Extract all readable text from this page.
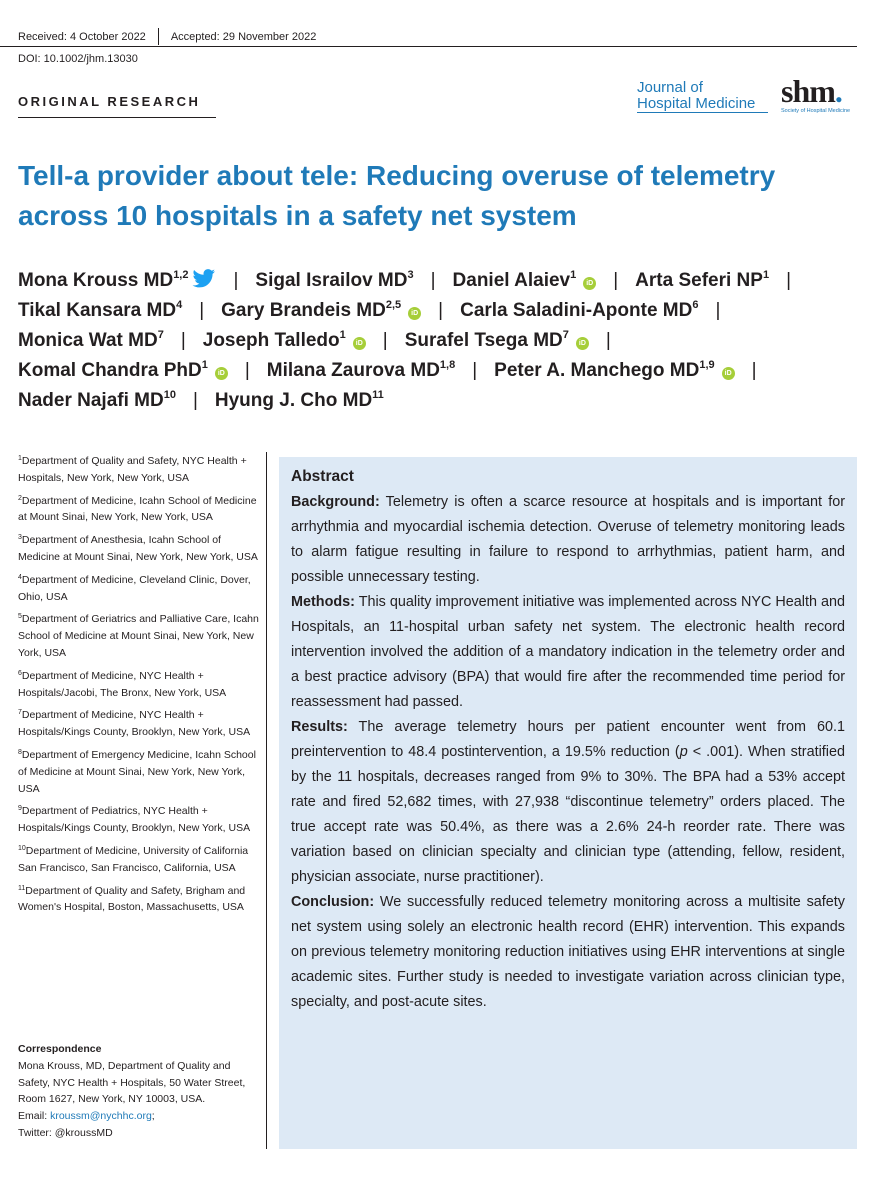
Received: 4 October 2022 Accepted: 29 November 2022
DOI: 10.1002/jhm.13030
ORIGINAL RESEARCH
Journal of
Hospital Medicine shm.
Society of Hospital Medicine
Tell-a provider about tele: Reducing overuse of telemetry across 10 hospitals in a safety net system
Mona Krouss MD$^{1,2}$ | Sigal Israilov $MD^3$ | Daniel Alaiev$^1$iD | Arta Seferi $NP^1$ |
Tikal Kansara $MD^4$ | Gary Brandeis MD$^{2,5}$iD | Carla Saladini-Aponte $MD^6$ |
Monica Wat $MD^7$ | Joseph Talledo$^1$iD | Surafel Tsega $MD^7iD$ |
Komal Chandra PhD$^1$iD | Milana Zaurova MD$^{1,8}$ | Peter A. Manchego MD$^{1,9}$iD |
Nader Najafi MD$^{10}$ | Hyung J. Cho MD$^{11}$
$^1$Department of Quality and Safety, NYC Health + Hospitals, New York, New York, USA
$^2$Department of Medicine, Icahn School of Medicine at Mount Sinai, New York, New York, USA
$^3$Department of Anesthesia, Icahn School of Medicine at Mount Sinai, New York, New York, USA
$^4$Department of Medicine, Cleveland Clinic, Dover, Ohio, USA
$^5$Department of Geriatrics and Palliative Care, Icahn School of Medicine at Mount Sinai, New York, New York, USA
$^6$Department of Medicine, NYC Health + Hospitals/Jacobi, The Bronx, New York, USA
$^7$Department of Medicine, NYC Health + Hospitals/Kings County, Brooklyn, New York, USA
$^8$Department of Emergency Medicine, Icahn School of Medicine at Mount Sinai, New York, New York, USA
$^9$Department of Pediatrics, NYC Health + Hospitals/Kings County, Brooklyn, New York, USA
$^{10}$Department of Medicine, University of California San Francisco, San Francisco, California, USA
$^{11}$Department of Quality and Safety, Brigham and Women's Hospital, Boston, Massachusetts, USA
Correspondence
Mona Krouss, MD, Department of Quality and Safety, NYC Health + Hospitals, 50 Water Street, Room 1627, New York, NY 10003, USA.
Email: kroussm@nychhc.org;
Twitter: @kroussMD
Abstract

Background: Telemetry is often a scarce resource at hospitals and is important for arrhythmia and myocardial ischemia detection. Overuse of telemetry monitoring leads to alarm fatigue resulting in failure to respond to arrhythmias, patient harm, and possible unnecessary testing.

Methods: This quality improvement initiative was implemented across NYC Health and Hospitals, an 11-hospital urban safety net system. The electronic health record intervention involved the addition of a mandatory indication in the telemetry order and a best practice advisory (BPA) that would fire after the recommended time period for reassessment had passed.

Results: The average telemetry hours per patient encounter went from 60.1 preintervention to 48.4 postintervention, a 19.5% reduction (p < .001). When stratified by the 11 hospitals, decreases ranged from 9% to 30%. The BPA had a 53% accept rate and fired 52,682 times, with 27,938 “discontinue telemetry” orders placed. The true accept rate was 50.4%, as there was a 2.6% 24-h reorder rate. There was variation based on clinician specialty and clinician type (attending, fellow, resident, physician associate, nurse practitioner).

Conclusion: We successfully reduced telemetry monitoring across a multisite safety net system using solely an electronic health record (EHR) intervention. This expands on previous telemetry monitoring reduction initiatives using EHR interventions at single academic sites. Further study is needed to investigate variation across clinician type, specialty, and post-acute sites.
